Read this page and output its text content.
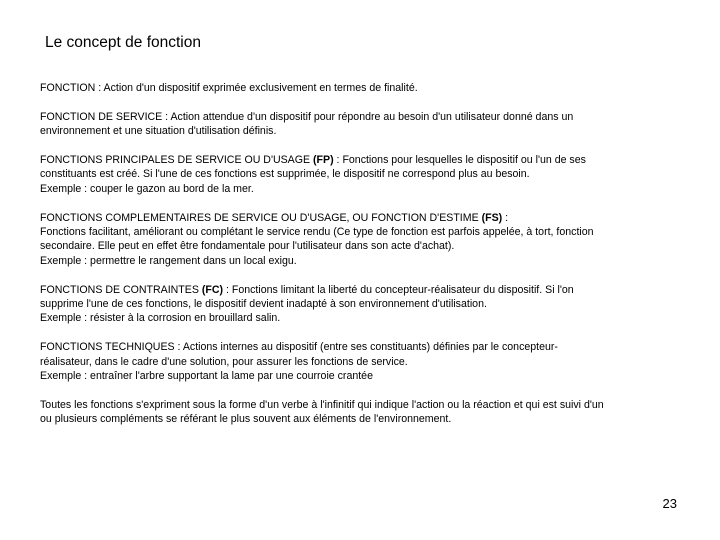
Le concept de fonction
FONCTION : Action d'un dispositif exprimée exclusivement en termes de finalité.
FONCTION DE SERVICE : Action attendue d'un dispositif pour répondre au besoin d'un utilisateur donné dans un
environnement et une situation d'utilisation définis.
FONCTIONS PRINCIPALES DE SERVICE OU D'USAGE (FP) : Fonctions pour lesquelles le dispositif ou l'un de ses
constituants est créé. Si l'une de ces fonctions est supprimée, le dispositif ne correspond plus au besoin.
Exemple : couper le gazon au bord de la mer.
FONCTIONS COMPLEMENTAIRES DE SERVICE OU D'USAGE, OU FONCTION D'ESTIME (FS) :
Fonctions facilitant, améliorant ou complétant le service rendu (Ce type de fonction est parfois appelée, à tort, fonction
secondaire. Elle peut en effet être fondamentale pour l'utilisateur dans son acte d'achat).
Exemple : permettre le rangement dans un local exigu.
FONCTIONS DE CONTRAINTES (FC) : Fonctions limitant la liberté du concepteur-réalisateur du dispositif. Si l'on
supprime l'une de ces fonctions, le dispositif devient inadapté à son environnement d'utilisation.
Exemple : résister à la corrosion en brouillard salin.
FONCTIONS TECHNIQUES : Actions internes au dispositif (entre ses constituants) définies par le concepteur-
réalisateur, dans le cadre d'une solution, pour assurer les fonctions de service.
Exemple : entraîner l'arbre supportant la lame par une courroie crantée
Toutes les fonctions s'expriment sous la forme d'un verbe à l'infinitif qui indique l'action ou la réaction et qui est suivi d'un
ou plusieurs compléments se référant le plus souvent aux éléments de l'environnement.
23
